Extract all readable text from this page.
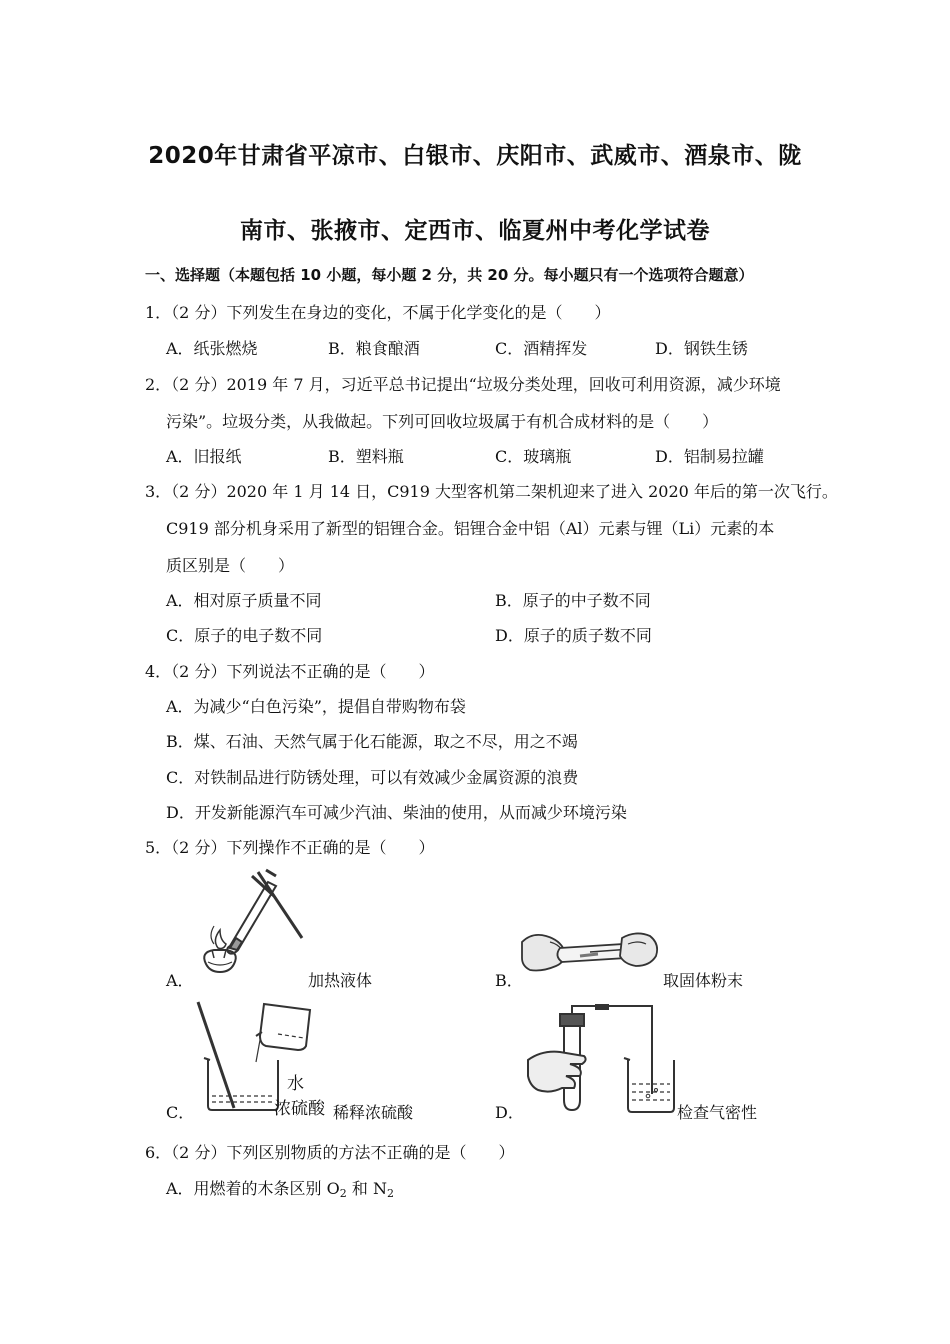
2020年甘肃省平凉市、白银市、庆阳市、武威市、酒泉市、陇
南市、张掖市、定西市、临夏州中考化学试卷
一、选择题（本题包括 10 小题，每小题 2 分，共 20 分。每小题只有一个选项符合题意）
1．（2 分）下列发生在身边的变化，不属于化学变化的是（　　）
A．纸张燃烧	B．粮食酿酒	C．酒精挥发	D．钢铁生锈
2．（2 分）2019 年 7 月，习近平总书记提出“垃圾分类处理，回收可利用资源，减少环境
污染”。垃圾分类，从我做起。下列可回收垃圾属于有机合成材料的是（　　）
A．旧报纸	B．塑料瓶	C．玻璃瓶	D．铝制易拉罐
3．（2 分）2020 年 1 月 14 日，C919 大型客机第二架机迎来了进入 2020 年后的第一次飞行。
C919 部分机身采用了新型的铝锂合金。铝锂合金中铝（Al）元素与锂（Li）元素的本
质区别是（　　）
A．相对原子质量不同	B．原子的中子数不同
C．原子的电子数不同	D．原子的质子数不同
4．（2 分）下列说法不正确的是（　　）
A．为减少“白色污染”，提倡自带购物布袋
B．煤、石油、天然气属于化石能源，取之不尽，用之不竭
C．对铁制品进行防锈处理，可以有效减少金属资源的浪费
D．开发新能源汽车可减少汽油、柴油的使用，从而减少环境污染
5．（2 分）下列操作不正确的是（　　）
A．	加热液体	B．	取固体粉末
水
浓硫酸
C．	稀释浓硫酸	D．	检查气密性
6．（2 分）下列区别物质的方法不正确的是（　　）
A．用燃着的木条区别 $O_2$ 和 $N_2$
